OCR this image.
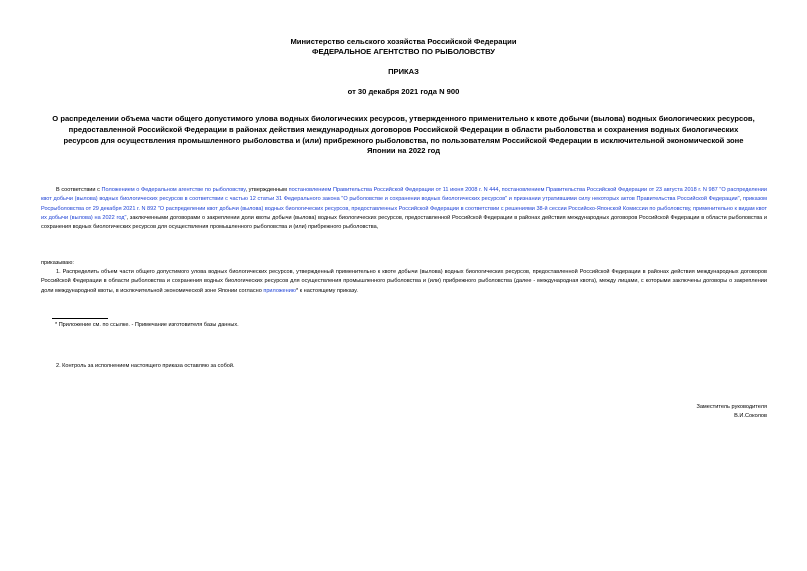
Министерство сельского хозяйства Российской Федерации
ФЕДЕРАЛЬНОЕ АГЕНТСТВО ПО РЫБОЛОВСТВУ
ПРИКАЗ
от 30 декабря 2021 года N 900
О распределении объема части общего допустимого улова водных биологических ресурсов, утвержденного применительно к квоте добычи (вылова) водных биологических ресурсов, предоставленной Российской Федерации в районах действия международных договоров Российской Федерации в области рыболовства и сохранения водных биологических ресурсов для осуществления промышленного рыболовства и (или) прибрежного рыболовства, по пользователям Российской Федерации в исключительной экономической зоне Японии на 2022 год
В соответствии с Положением о Федеральном агентстве по рыболовству, утвержденным постановлением Правительства Российской Федерации от 11 июня 2008 г. N 444, постановлением Правительства Российской Федерации от 23 августа 2018 г. N 987 "О распределении квот добычи (вылова) водных биологических ресурсов в соответствии с частью 12 статьи 31 Федерального закона "О рыболовстве и сохранении водных биологических ресурсов" и признании утратившими силу некоторых актов Правительства Российской Федерации", приказом Росрыболовства от 29 декабря 2021 г. N 892 "О распределении квот добычи (вылова) водных биологических ресурсов, предоставленных Российской Федерации в соответствии с решениями 38-й сессии Российско-Японской Комиссии по рыболовству, применительно к видам квот их добычи (вылова) на 2022 год", заключенными договорами о закреплении доли квоты добычи (вылова) водных биологических ресурсов, предоставленной Российской Федерации в районах действия международных договоров Российской Федерации в области рыболовства и сохранения водных биологических ресурсов для осуществления промышленного рыболовства и (или) прибрежного рыболовства,
приказываю:
1. Распределить объем части общего допустимого улова водных биологических ресурсов, утвержденный применительно к квоте добычи (вылова) водных биологических ресурсов, предоставленной Российской Федерации в районах действия международных договоров Российской Федерации в области рыболовства и сохранения водных биологических ресурсов для осуществления промышленного рыболовства и (или) прибрежного рыболовства (далее - международная квота), между лицами, с которыми заключены договоры о закреплении доли международной квоты, в исключительной экономической зоне Японии согласно приложению* к настоящему приказу.
* Приложение см. по ссылке. - Примечание изготовителя базы данных.
2. Контроль за исполнением настоящего приказа оставляю за собой.
Заместитель руководителя
В.И.Соколов
